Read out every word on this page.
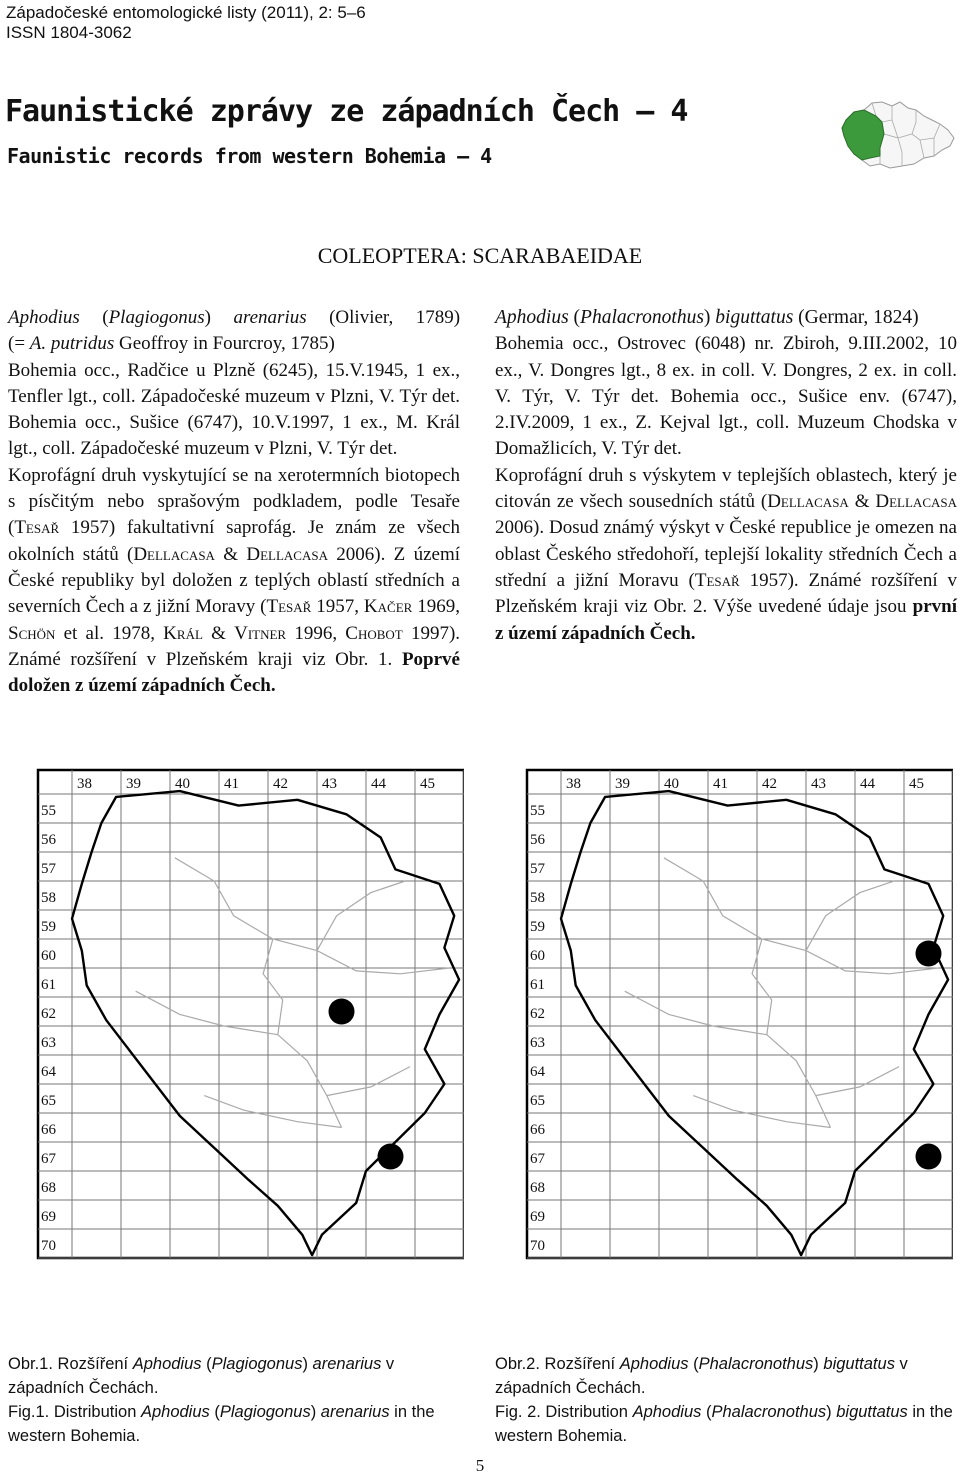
Západočeské entomologické listy (2011), 2: 5–6
ISSN 1804-3062
Faunistické zprávy ze západních Čech – 4
Faunistic records from western Bohemia – 4
COLEOPTERA: SCARABAEIDAE

Aphodius (Plagiogonus) arenarius (Olivier, 1789)

(= A. putridus Geoffroy in Fourcroy, 1785)

Bohemia occ., Radčice u Plzně (6245), 15.V.1945, 1 ex., Tenfler lgt., coll. Západočeské muzeum v Plzni, V. Týr det. Bohemia occ., Sušice (6747), 10.V.1997, 1 ex., M. Král lgt., coll. Západočeské muzeum v Plzni, V. Týr det.

Koprofágní druh vyskytující se na xerotermních biotopech s písčitým nebo sprašovým podkladem, podle Tesaře (Tesař 1957) fakultativní saprofág. Je znám ze všech okolních států (Dellacasa & Dellacasa 2006). Z území České republiky byl doložen z teplých oblastí středních a severních Čech a z jižní Moravy (Tesař 1957, Kačer 1969, Schön et al. 1978, Král & Vitner 1996, Chobot 1997). Známé rozšíření v Plzeňském kraji viz Obr. 1. Poprvé doložen z území západních Čech.

Aphodius (Phalacronothus) biguttatus (Germar, 1824)

Bohemia occ., Ostrovec (6048) nr. Zbiroh, 9.III.2002, 10 ex., V. Dongres lgt., 8 ex. in coll. V. Dongres, 2 ex. in coll. V. Týr, V. Týr det. Bohemia occ., Sušice env. (6747), 2.IV.2009, 1 ex., Z. Kejval lgt., coll. Muzeum Chodska v Domažlicích, V. Týr det.

Koprofágní druh s výskytem v teplejších oblastech, který je citován ze všech sousedních států (Dellacasa & Dellacasa 2006). Dosud známý výskyt v České republice je omezen na oblast Českého středohoří, teplejší lokality středních Čech a střední a jižní Moravu (Tesař 1957). Známé rozšíření v Plzeňském kraji viz Obr. 2. Výše uvedené údaje jsou první z území západních Čech.

38 39 40 41 42 43 44 45
55
56
57
58
59
60
61
62
63
64
65
66
67
68
69
70
38 39 40 41 42 43 44 45
55
56
57
58
59
60
61
62
63
64
65
66
67
68
69
70
Obr.1. Rozšíření Aphodius (Plagiogonus) arenarius v západních Čechách.
Fig.1. Distribution Aphodius (Plagiogonus) arenarius in the western Bohemia.
Obr.2. Rozšíření Aphodius (Phalacronothus) biguttatus v západních Čechách.
Fig. 2. Distribution Aphodius (Phalacronothus) biguttatus in the western Bohemia.
5
